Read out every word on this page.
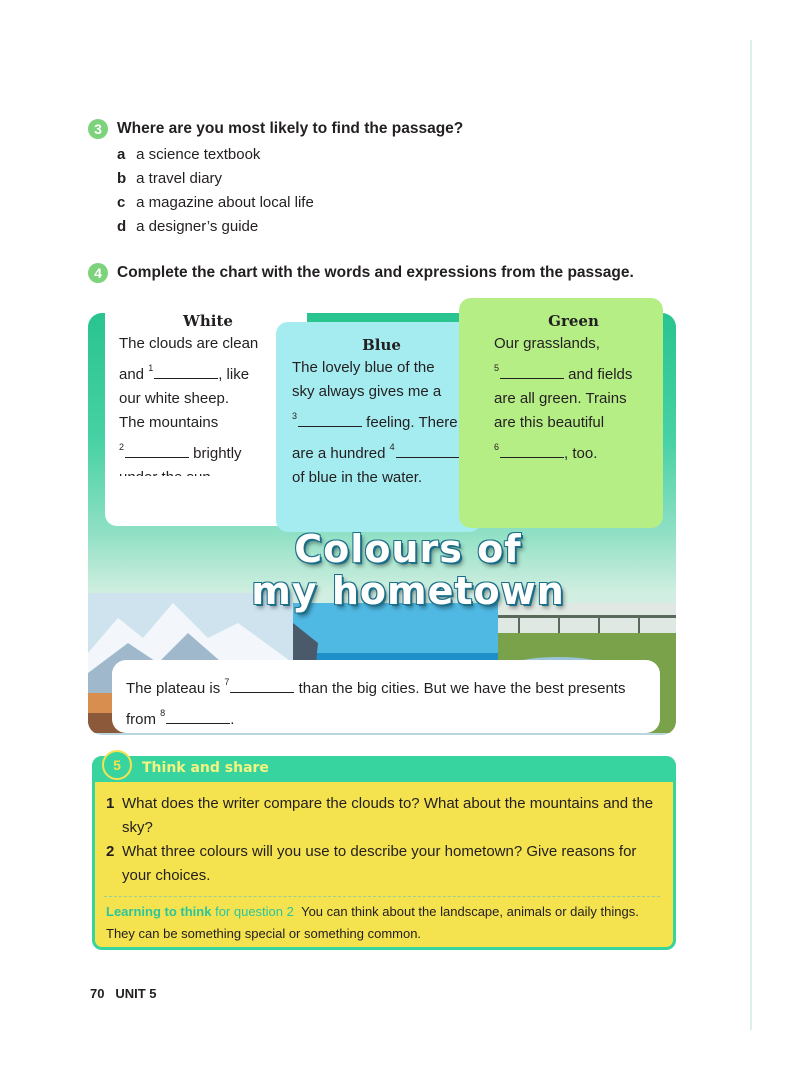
3 Where are you most likely to find the passage?
a a science textbook
b a travel diary
c a magazine about local life
d a designer’s guide
4 Complete the chart with the words and expressions from the passage.
White
The clouds are clean
and $^1$	, like
our white sheep.
The mountains
$^2$	brightly
under the sun.
Blue
The lovely blue of the
sky always gives me a
$^3$	feeling. There
are a hundred $^4$
of blue in the water.
Green
Our grasslands,
$^5$	and fields
are all green. Trains
are this beautiful
$^6$	, too.
Colours of
my hometown
The plateau is $^7$	than the big cities. But we have the best presents
from $^8$	.
5	Think and share
1 What does the writer compare the clouds to? What about the mountains and the sky?
2 What three colours will you use to describe your hometown? Give reasons for your choices.
Learning to think for question 2 You can think about the landscape, animals or daily things. They can be something special or something common.
70 UNIT 5
